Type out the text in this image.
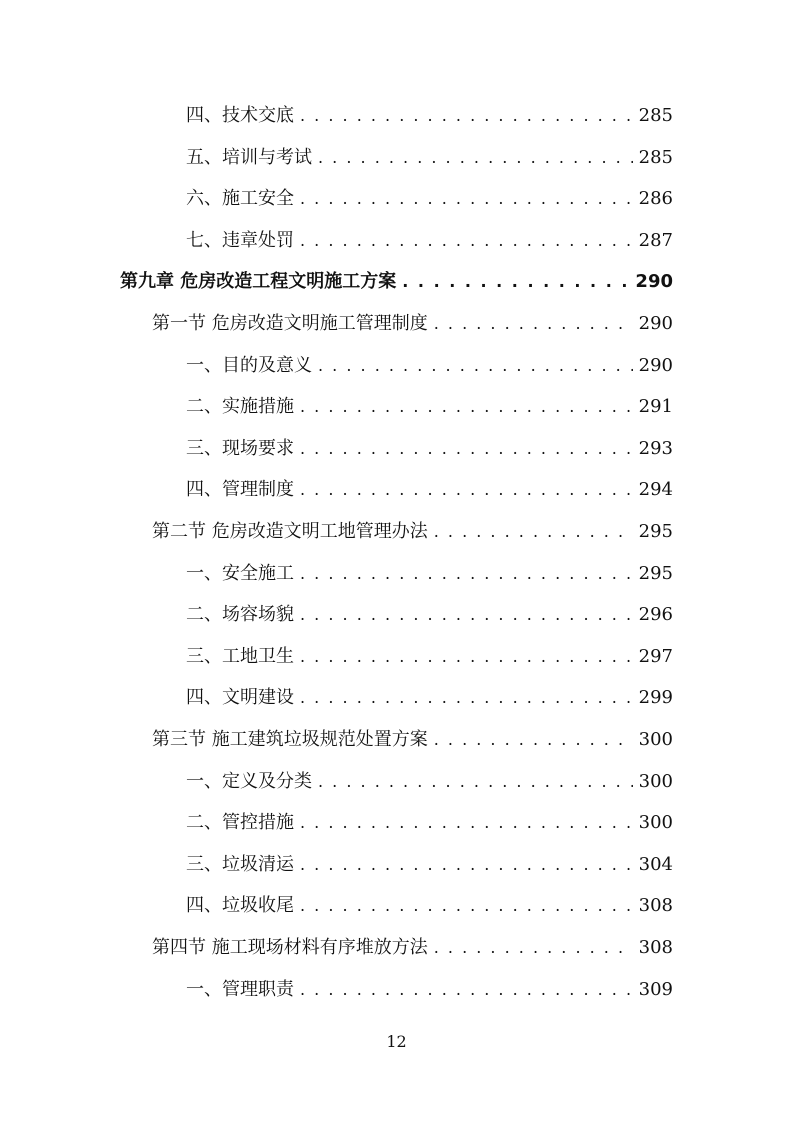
四、技术交底 . . .	285
五、培训与考试 . . .	285
六、施工安全 . . .	286
七、违章处罚 . . .	287
第九章 危房改造工程文明施工方案 . . .	290
第一节 危房改造文明施工管理制度 . . .	290
一、目的及意义 . . .	290
二、实施措施 . . .	291
三、现场要求 . . .	293
四、管理制度 . . .	294
第二节 危房改造文明工地管理办法 . . .	295
一、安全施工 . . .	295
二、场容场貌 . . .	296
三、工地卫生 . . .	297
四、文明建设 . . .	299
第三节 施工建筑垃圾规范处置方案 . . .	300
一、定义及分类 . . .	300
二、管控措施 . . .	300
三、垃圾清运 . . .	304
四、垃圾收尾 . . .	308
第四节 施工现场材料有序堆放方法 . . .	308
一、管理职责 . . .	309
12
